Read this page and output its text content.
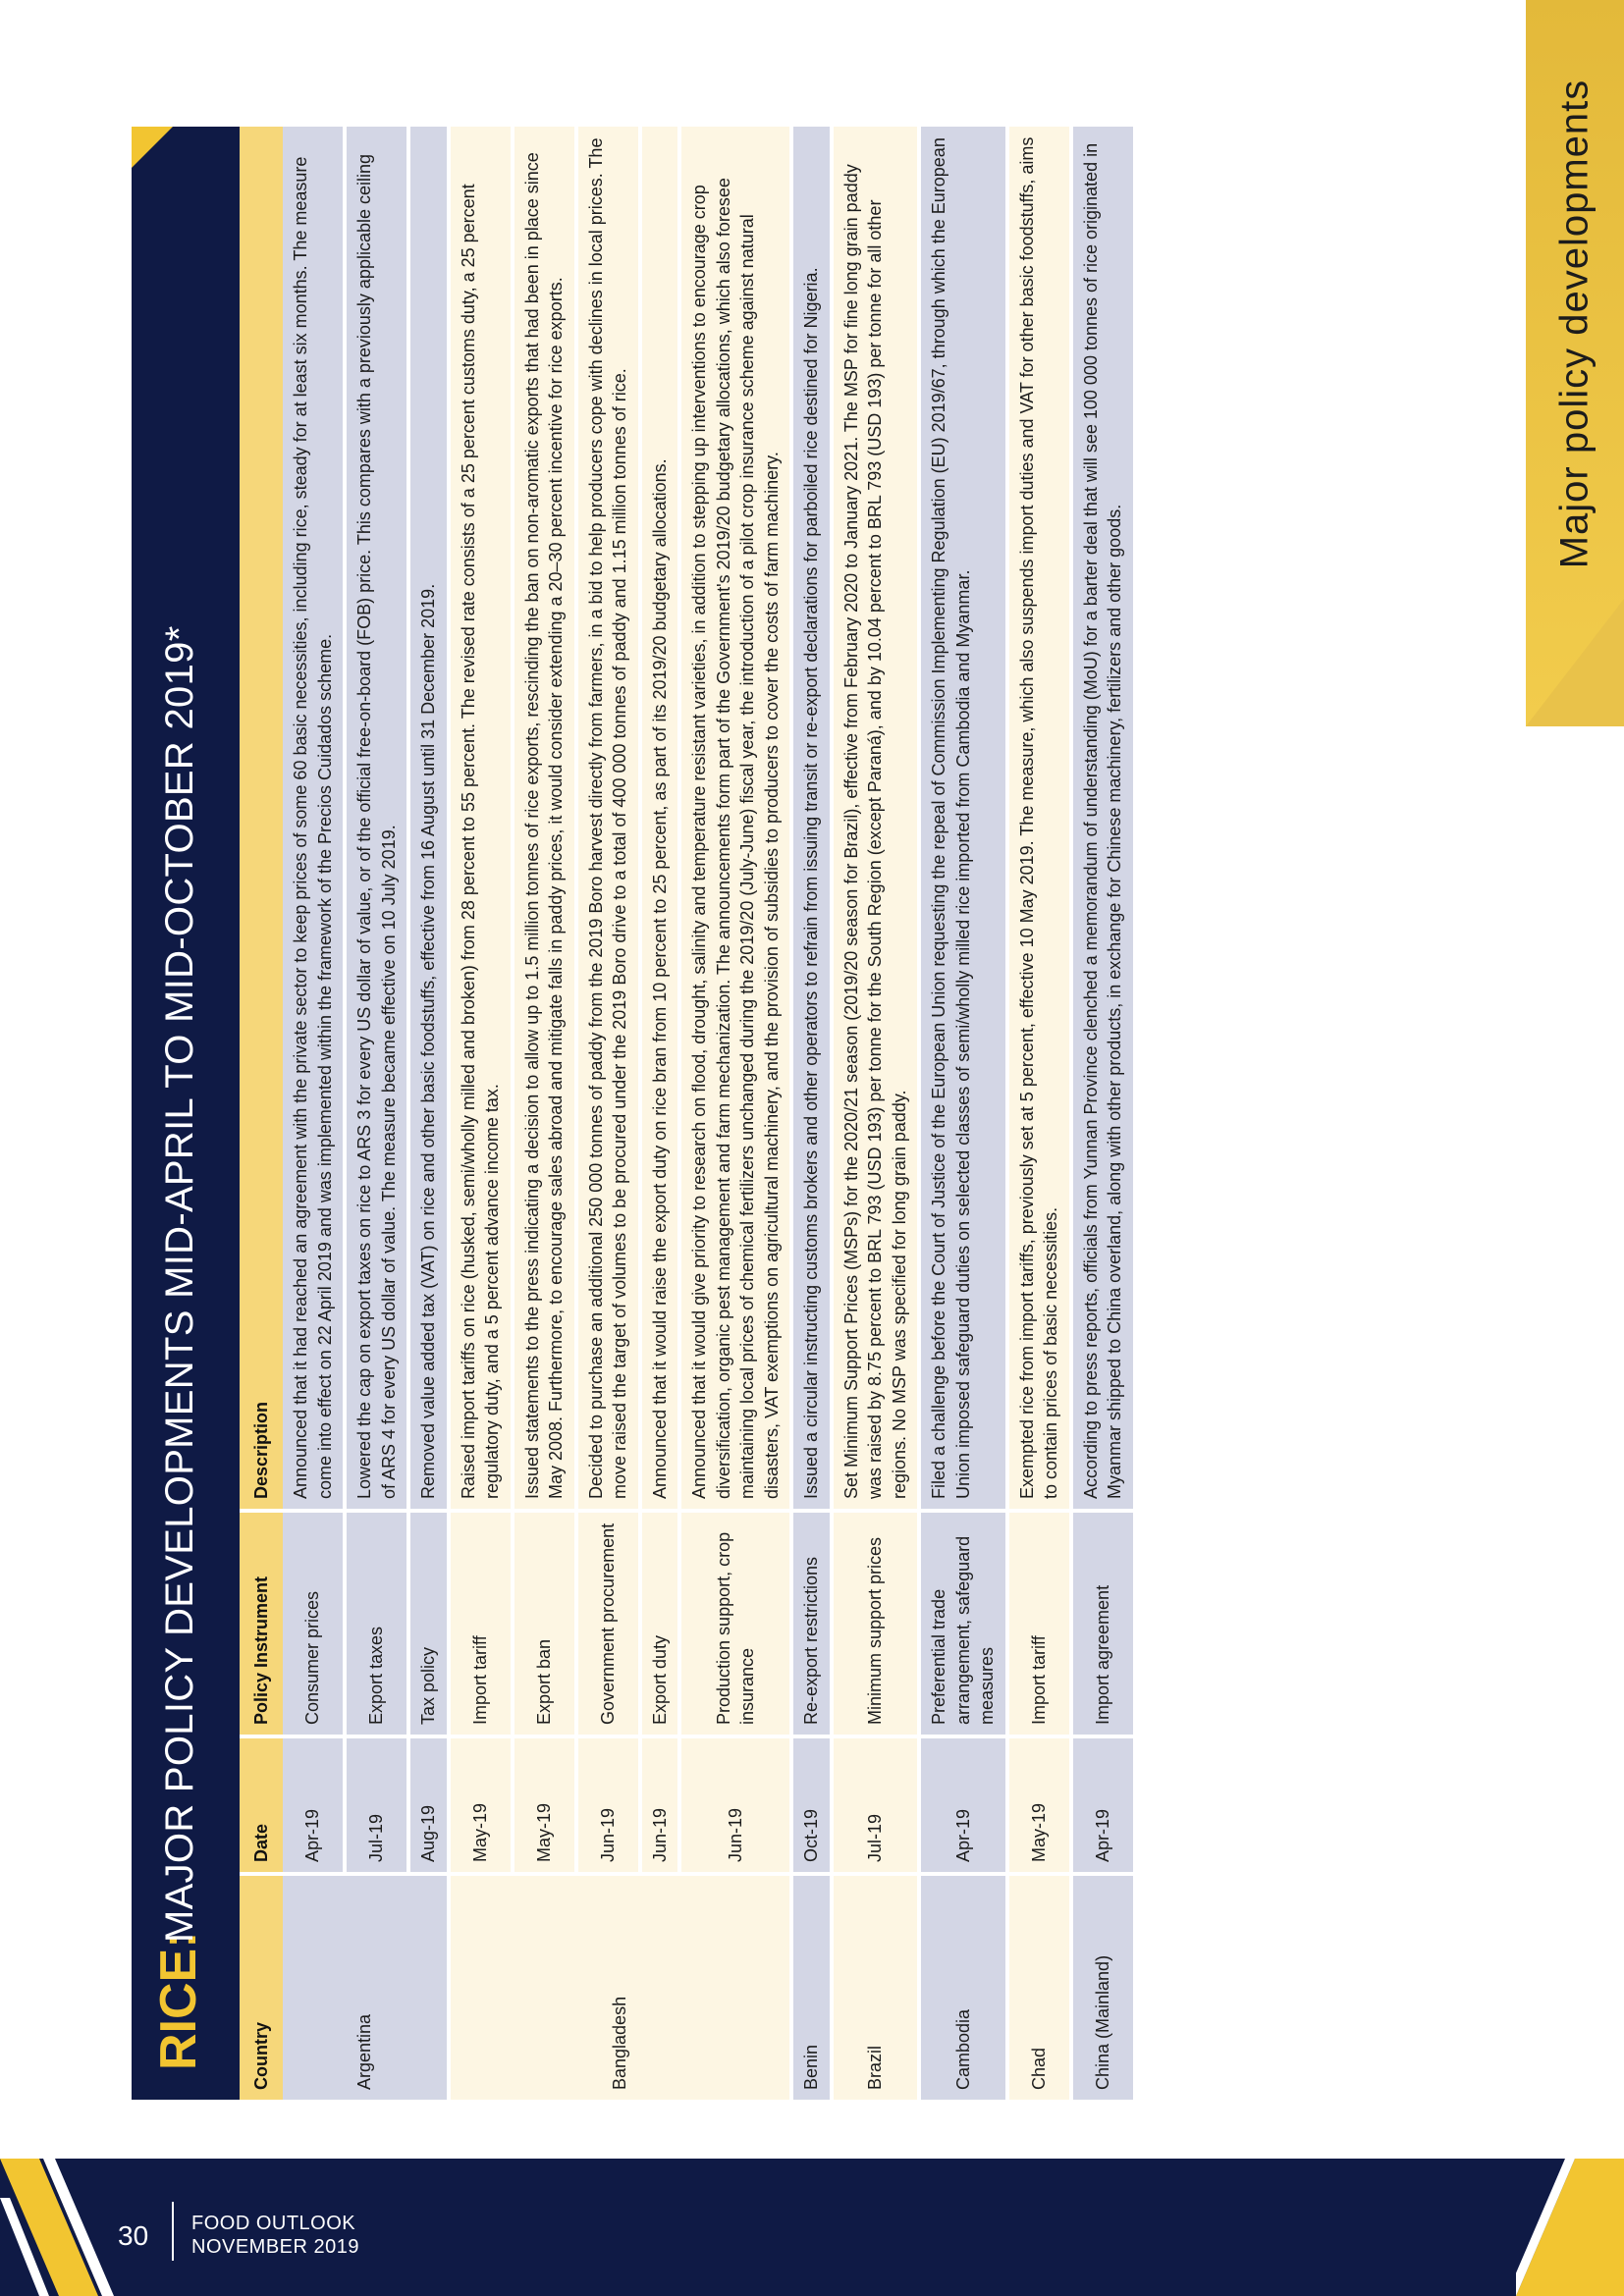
Major policy developments
30 FOOD OUTLOOK
NOVEMBER 2019
RICE:
MAJOR POLICY DEVELOPMENTS MID-APRIL TO MID-OCTOBER 2019*
Country	Date	Policy Instrument	Description
Argentina	Apr-19	Consumer prices	Announced that it had reached an agreement with the private sector to keep prices of some 60 basic necessities, including rice, steady for at least six months. The measure come into effect on 22 April 2019 and was implemented within the framework of the Precios Cuidados scheme.
	Jul-19	Export taxes	Lowered the cap on export taxes on rice to ARS 3 for every US dollar of value, or of the official free-on-board (FOB) price. This compares with a previously applicable ceiling of ARS 4 for every US dollar of value. The measure became effective on 10 July 2019.
	Aug-19	Tax policy	Removed value added tax (VAT) on rice and other basic foodstuffs, effective from 16 August until 31 December 2019.
Bangladesh	May-19	Import tariff	Raised import tariffs on rice (husked, semi/wholly milled and broken) from 28 percent to 55 percent. The revised rate consists of a 25 percent customs duty, a 25 percent regulatory duty, and a 5 percent advance income tax.
	May-19	Export ban	Issued statements to the press indicating a decision to allow up to 1.5 million tonnes of rice exports, rescinding the ban on non-aromatic exports that had been in place since May 2008. Furthermore, to encourage sales abroad and mitigate falls in paddy prices, it would consider extending a 20–30 percent incentive for rice exports.
	Jun-19	Government procurement	Decided to purchase an additional 250 000 tonnes of paddy from the 2019 Boro harvest directly from farmers, in a bid to help producers cope with declines in local prices. The move raised the target of volumes to be procured under the 2019 Boro drive to a total of 400 000 tonnes of paddy and 1.15 million tonnes of rice.
	Jun-19	Export duty	Announced that it would raise the export duty on rice bran from 10 percent to 25 percent, as part of its 2019/20 budgetary allocations.
	Jun-19	Production support, crop insurance	Announced that it would give priority to research on flood, drought, salinity and temperature resistant varieties, in addition to stepping up interventions to encourage crop diversification, organic pest management and farm mechanization. The announcements form part of the Government's 2019/20 budgetary allocations, which also foresee maintaining local prices of chemical fertilizers unchanged during the 2019/20 (July-June) fiscal year, the introduction of a pilot crop insurance scheme against natural disasters, VAT exemptions on agricultural machinery, and the provision of subsidies to producers to cover the costs of farm machinery.
Benin	Oct-19	Re-export restrictions	Issued a circular instructing customs brokers and other operators to refrain from issuing transit or re-export declarations for parboiled rice destined for Nigeria.
Brazil	Jul-19	Minimum support prices	Set Minimum Support Prices (MSPs) for the 2020/21 season (2019/20 season for Brazil), effective from February 2020 to January 2021. The MSP for fine long grain paddy was raised by 8.75 percent to BRL 793 (USD 193) per tonne for the South Region (except Paraná), and by 10.04 percent to BRL 793 (USD 193) per tonne for all other regions. No MSP was specified for long grain paddy.
Cambodia	Apr-19	Preferential trade arrangement, safeguard measures	Filed a challenge before the Court of Justice of the European Union requesting the repeal of Commission Implementing Regulation (EU) 2019/67, through which the European Union imposed safeguard duties on selected classes of semi/wholly milled rice imported from Cambodia and Myanmar.
Chad	May-19	Import tariff	Exempted rice from import tariffs, previously set at 5 percent, effective 10 May 2019. The measure, which also suspends import duties and VAT for other basic foodstuffs, aims to contain prices of basic necessities.
China (Mainland)	Apr-19	Import agreement	According to press reports, officials from Yunnan Province clenched a memorandum of understanding (MoU) for a barter deal that will see 100 000 tonnes of rice originated in Myanmar shipped to China overland, along with other products, in exchange for Chinese machinery, fertilizers and other goods.
